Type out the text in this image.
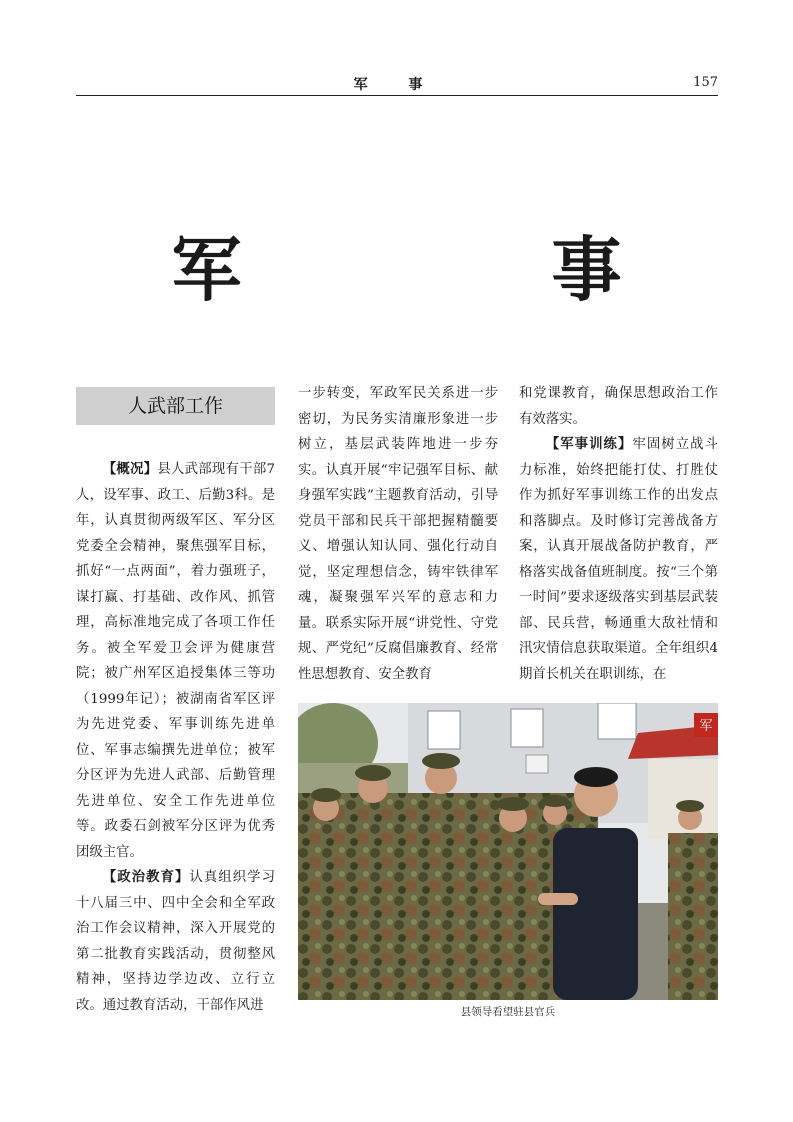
军 事	157
军　事
人武部工作

【概况】县人武部现有干部7人，设军事、政工、后勤3科。是年，认真贯彻两级军区、军分区党委全会精神，聚焦强军目标，抓好“一点两面”，着力强班子，谋打赢、打基础、改作风、抓管理，高标准地完成了各项工作任务。被全军爱卫会评为健康营院；被广州军区追授集体三等功（1999年记）；被湖南省军区评为先进党委、军事训练先进单位、军事志编撰先进单位；被军分区评为先进人武部、后勤管理先进单位、安全工作先进单位等。政委石剑被军分区评为优秀团级主官。

【政治教育】认真组织学习十八届三中、四中全会和全军政治工作会议精神，深入开展党的第二批教育实践活动，贯彻整风精神，坚持边学边改、立行立改。通过教育活动，干部作风进

一步转变，军政军民关系进一步密切，为民务实清廉形象进一步树立，基层武装阵地进一步夯实。认真开展“牢记强军目标、献身强军实践”主题教育活动，引导党员干部和民兵干部把握精髓要义、增强认知认同、强化行动自觉，坚定理想信念，铸牢铁律军魂，凝聚强军兴军的意志和力量。联系实际开展“讲党性、守党规、严党纪”反腐倡廉教育、经常性思想教育、安全教育

和党课教育，确保思想政治工作有效落实。

【军事训练】牢固树立战斗力标准，始终把能打仗、打胜仗作为抓好军事训练工作的出发点和落脚点。及时修订完善战备方案，认真开展战备防护教育，严格落实战备值班制度。按“三个第一时间”要求逐级落实到基层武装部、民兵营，畅通重大敌社情和汛灾情信息获取渠道。全年组织4期首长机关在职训练，在

军
县领导看望驻县官兵
